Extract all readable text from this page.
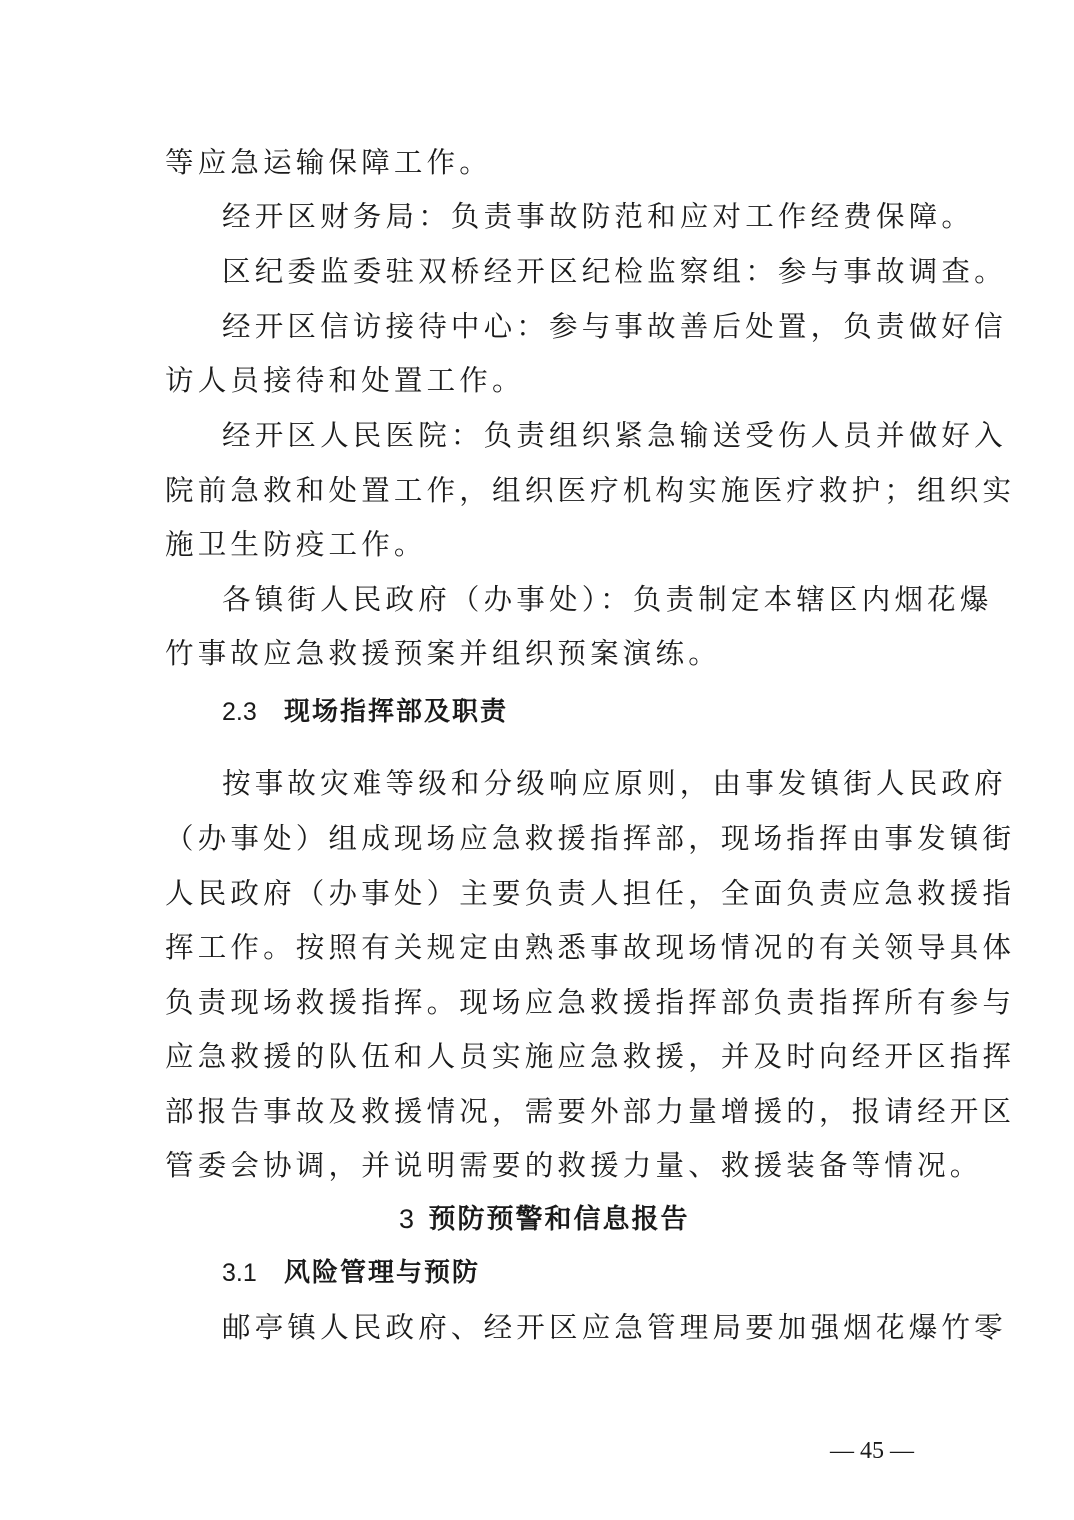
等应急运输保障工作。

经开区财务局：负责事故防范和应对工作经费保障。

区纪委监委驻双桥经开区纪检监察组：参与事故调查。

经开区信访接待中心：参与事故善后处置，负责做好信

访人员接待和处置工作。

经开区人民医院：负责组织紧急输送受伤人员并做好入

院前急救和处置工作，组织医疗机构实施医疗救护；组织实

施卫生防疫工作。

各镇街人民政府（办事处）：负责制定本辖区内烟花爆

竹事故应急救援预案并组织预案演练。

2.3 现场指挥部及职责

按事故灾难等级和分级响应原则，由事发镇街人民政府

（办事处）组成现场应急救援指挥部，现场指挥由事发镇街

人民政府（办事处）主要负责人担任，全面负责应急救援指

挥工作。按照有关规定由熟悉事故现场情况的有关领导具体

负责现场救援指挥。现场应急救援指挥部负责指挥所有参与

应急救援的队伍和人员实施应急救援，并及时向经开区指挥

部报告事故及救援情况，需要外部力量增援的，报请经开区

管委会协调，并说明需要的救援力量、救援装备等情况。

3 预防预警和信息报告
3.1 风险管理与预防

邮亭镇人民政府、经开区应急管理局要加强烟花爆竹零

— 45 —
